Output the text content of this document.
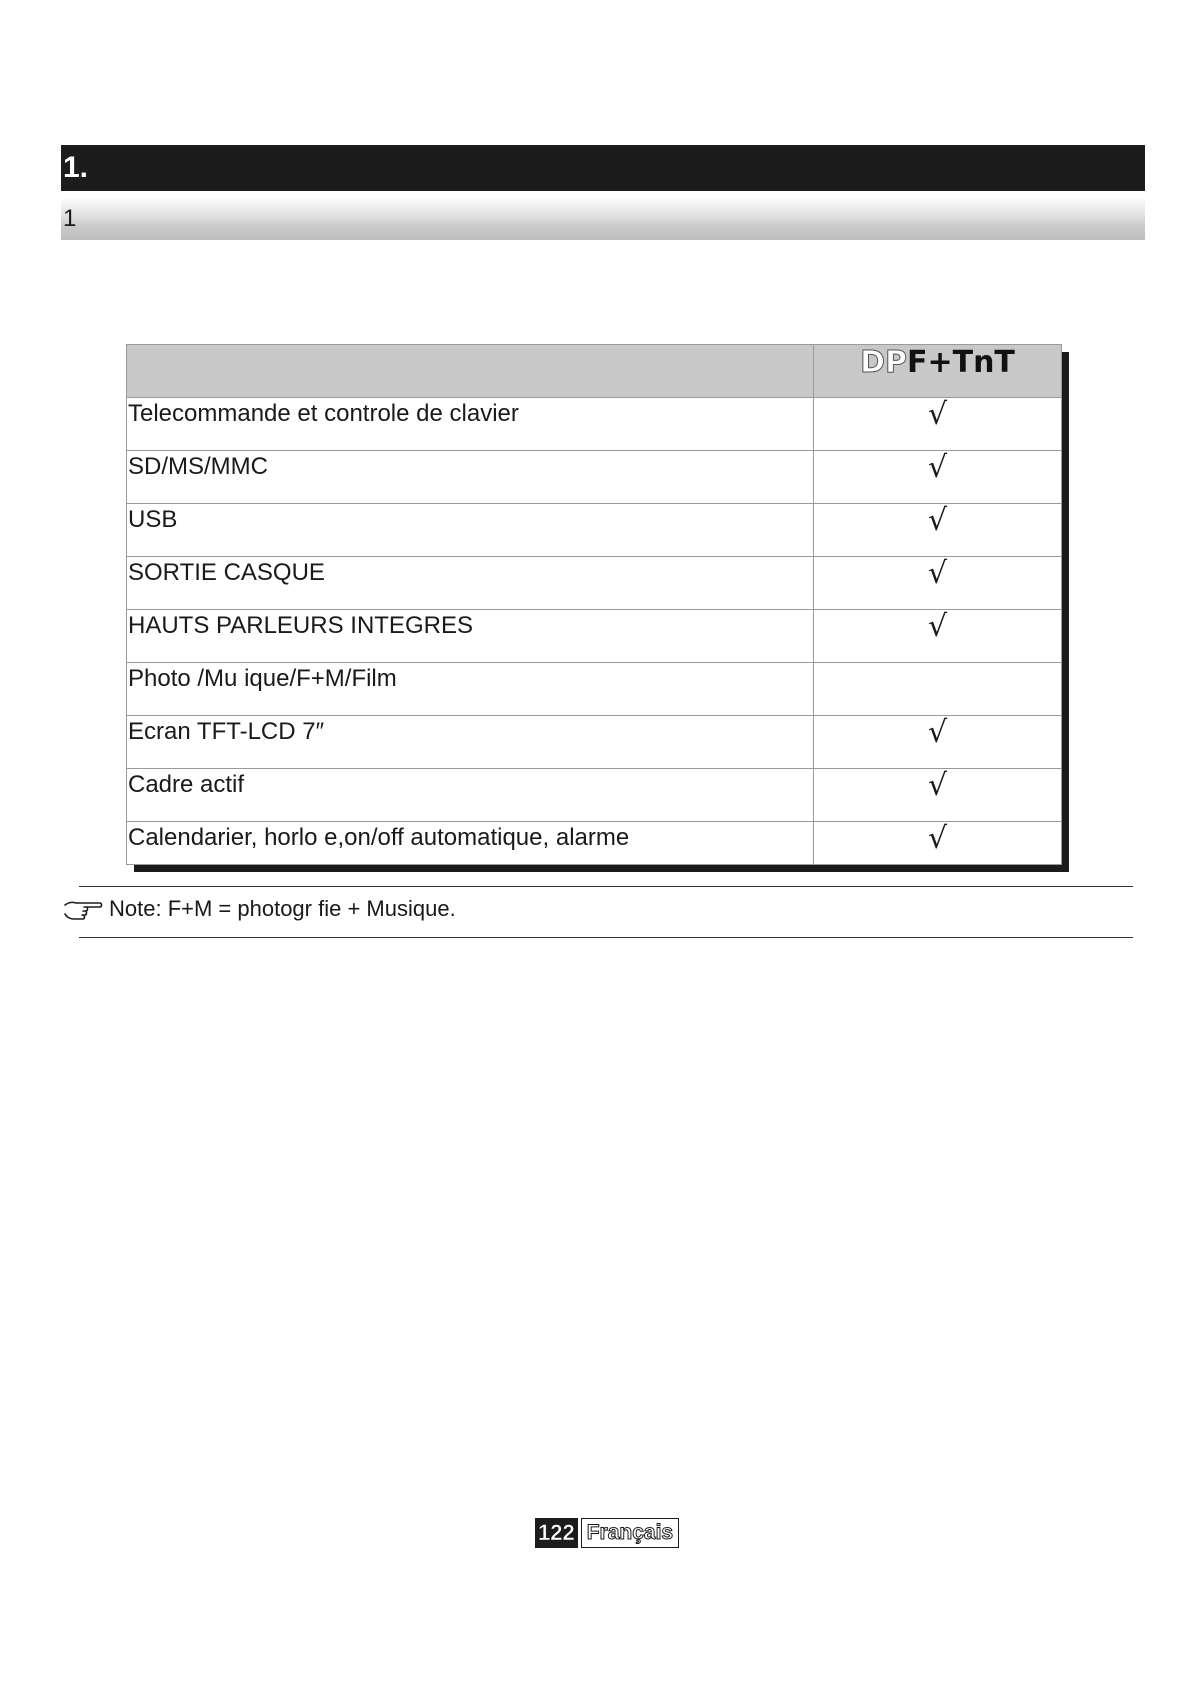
1.
1
	DPF+TnT
Telecommande et controle de clavier	√
SD/MS/MMC	√
USB	√
SORTIE CASQUE	√
HAUTS PARLEURS INTEGRES	√
Photo /Mu ique/F+M/Film	
Ecran TFT-LCD 7″	√
Cadre actif	√
Calendarier, horlo e,on/off automatique, alarme	√
Note: F+M = photogr fie + Musique.
122 Français
